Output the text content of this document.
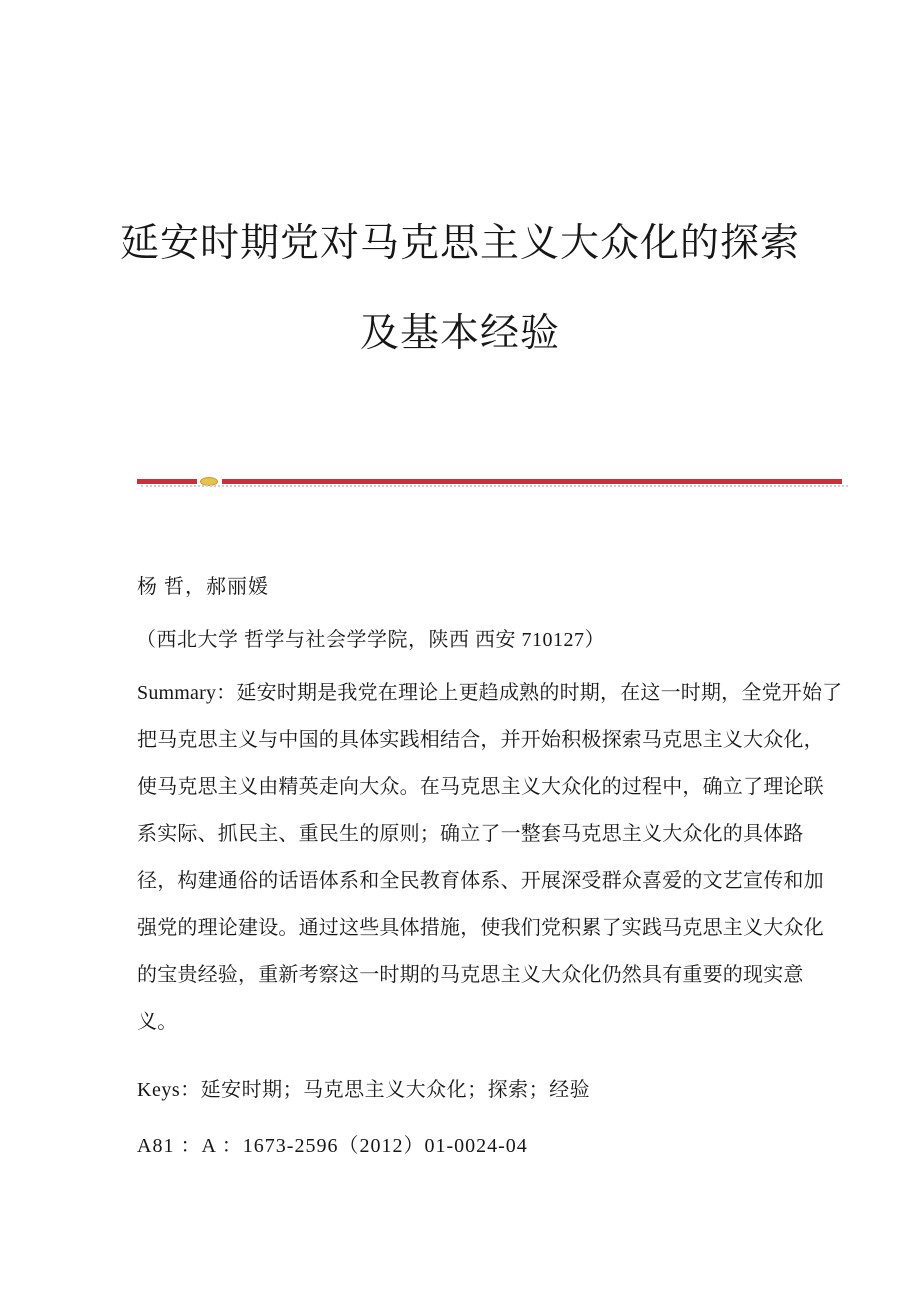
延安时期党对马克思主义大众化的探索
及基本经验
杨 哲，郝丽媛
（西北大学 哲学与社会学学院，陕西 西安 710127）
Summary：延安时期是我党在理论上更趋成熟的时期，在这一时期，全党开始了
把马克思主义与中国的具体实践相结合，并开始积极探索马克思主义大众化，
使马克思主义由精英走向大众。在马克思主义大众化的过程中，确立了理论联
系实际、抓民主、重民生的原则；确立了一整套马克思主义大众化的具体路
径，构建通俗的话语体系和全民教育体系、开展深受群众喜爱的文艺宣传和加
强党的理论建设。通过这些具体措施，使我们党积累了实践马克思主义大众化
的宝贵经验，重新考察这一时期的马克思主义大众化仍然具有重要的现实意
义。
Keys：延安时期；马克思主义大众化；探索；经验
A81 ：A ：1673-2596（2012）01-0024-04
